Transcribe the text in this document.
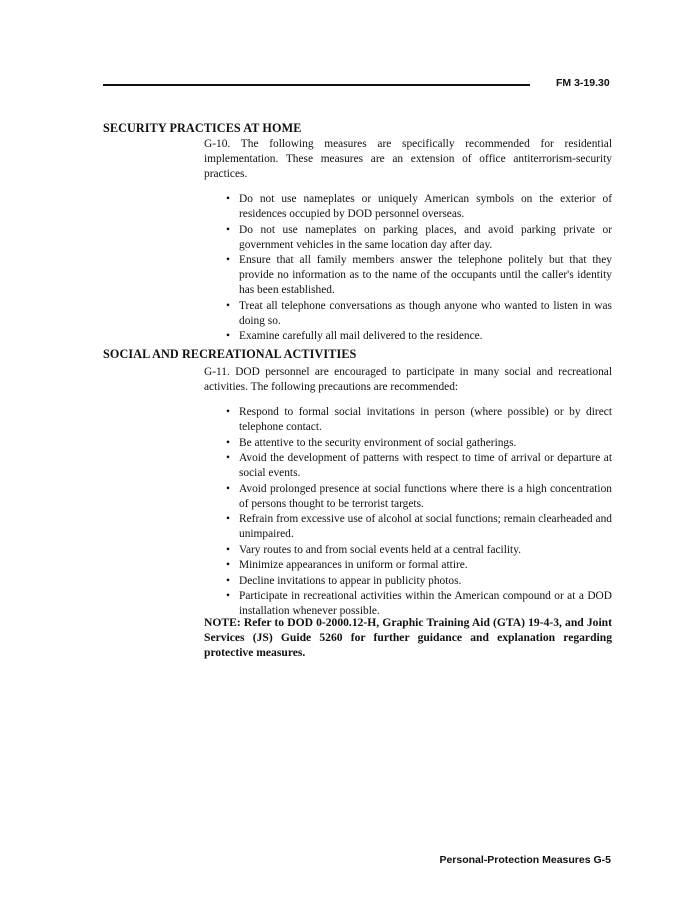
FM 3-19.30
SECURITY PRACTICES AT HOME

G-10. The following measures are specifically recommended for residential implementation. These measures are an extension of office antiterrorism-security practices.

• Do not use nameplates or uniquely American symbols on the exterior of residences occupied by DOD personnel overseas.
• Do not use nameplates on parking places, and avoid parking private or government vehicles in the same location day after day.
• Ensure that all family members answer the telephone politely but that they provide no information as to the name of the occupants until the caller's identity has been established.
• Treat all telephone conversations as though anyone who wanted to listen in was doing so.
• Examine carefully all mail delivered to the residence.
SOCIAL AND RECREATIONAL ACTIVITIES

G-11. DOD personnel are encouraged to participate in many social and recreational activities. The following precautions are recommended:

• Respond to formal social invitations in person (where possible) or by direct telephone contact.
• Be attentive to the security environment of social gatherings.
• Avoid the development of patterns with respect to time of arrival or departure at social events.
• Avoid prolonged presence at social functions where there is a high concentration of persons thought to be terrorist targets.
• Refrain from excessive use of alcohol at social functions; remain clearheaded and unimpaired.
• Vary routes to and from social events held at a central facility.
• Minimize appearances in uniform or formal attire.
• Decline invitations to appear in publicity photos.
• Participate in recreational activities within the American compound or at a DOD installation whenever possible.
NOTE: Refer to DOD 0-2000.12-H, Graphic Training Aid (GTA) 19-4-3, and Joint Services (JS) Guide 5260 for further guidance and explanation regarding protective measures.
Personal-Protection Measures G-5
